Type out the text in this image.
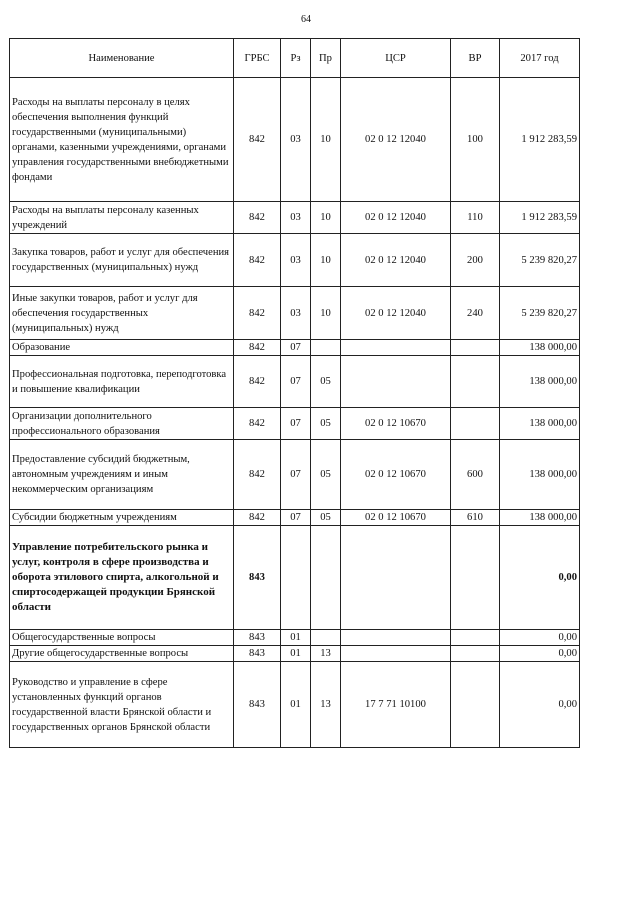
64
Наименование	ГРБС	Рз	Пр	ЦСР	ВР	2017 год
Расходы на выплаты персоналу в целях обеспечения выполнения функций государственными (муниципальными) органами, казенными учреждениями, органами управления государственными внебюджетными фондами	842	03	10	02 0 12 12040	100	1 912 283,59
Расходы на выплаты персоналу казенных учреждений	842	03	10	02 0 12 12040	110	1 912 283,59
Закупка товаров, работ и услуг для обеспечения государственных (муниципальных) нужд	842	03	10	02 0 12 12040	200	5 239 820,27
Иные закупки товаров, работ и услуг для обеспечения государственных (муниципальных) нужд	842	03	10	02 0 12 12040	240	5 239 820,27
Образование	842	07				138 000,00
Профессиональная подготовка, переподготовка и повышение квалификации	842	07	05			138 000,00
Организации дополнительного профессионального образования	842	07	05	02 0 12 10670		138 000,00
Предоставление субсидий бюджетным, автономным учреждениям и иным некоммерческим организациям	842	07	05	02 0 12 10670	600	138 000,00
Субсидии бюджетным учреждениям	842	07	05	02 0 12 10670	610	138 000,00
Управление потребительского рынка и услуг, контроля в сфере производства и оборота этилового спирта, алкогольной и спиртосодержащей продукции Брянской области	843					0,00
Общегосударственные вопросы	843	01				0,00
Другие общегосударственные вопросы	843	01	13			0,00
Руководство и управление в сфере установленных функций органов государственной власти Брянской области и государственных органов Брянской области	843	01	13	17 7 71 10100		0,00
